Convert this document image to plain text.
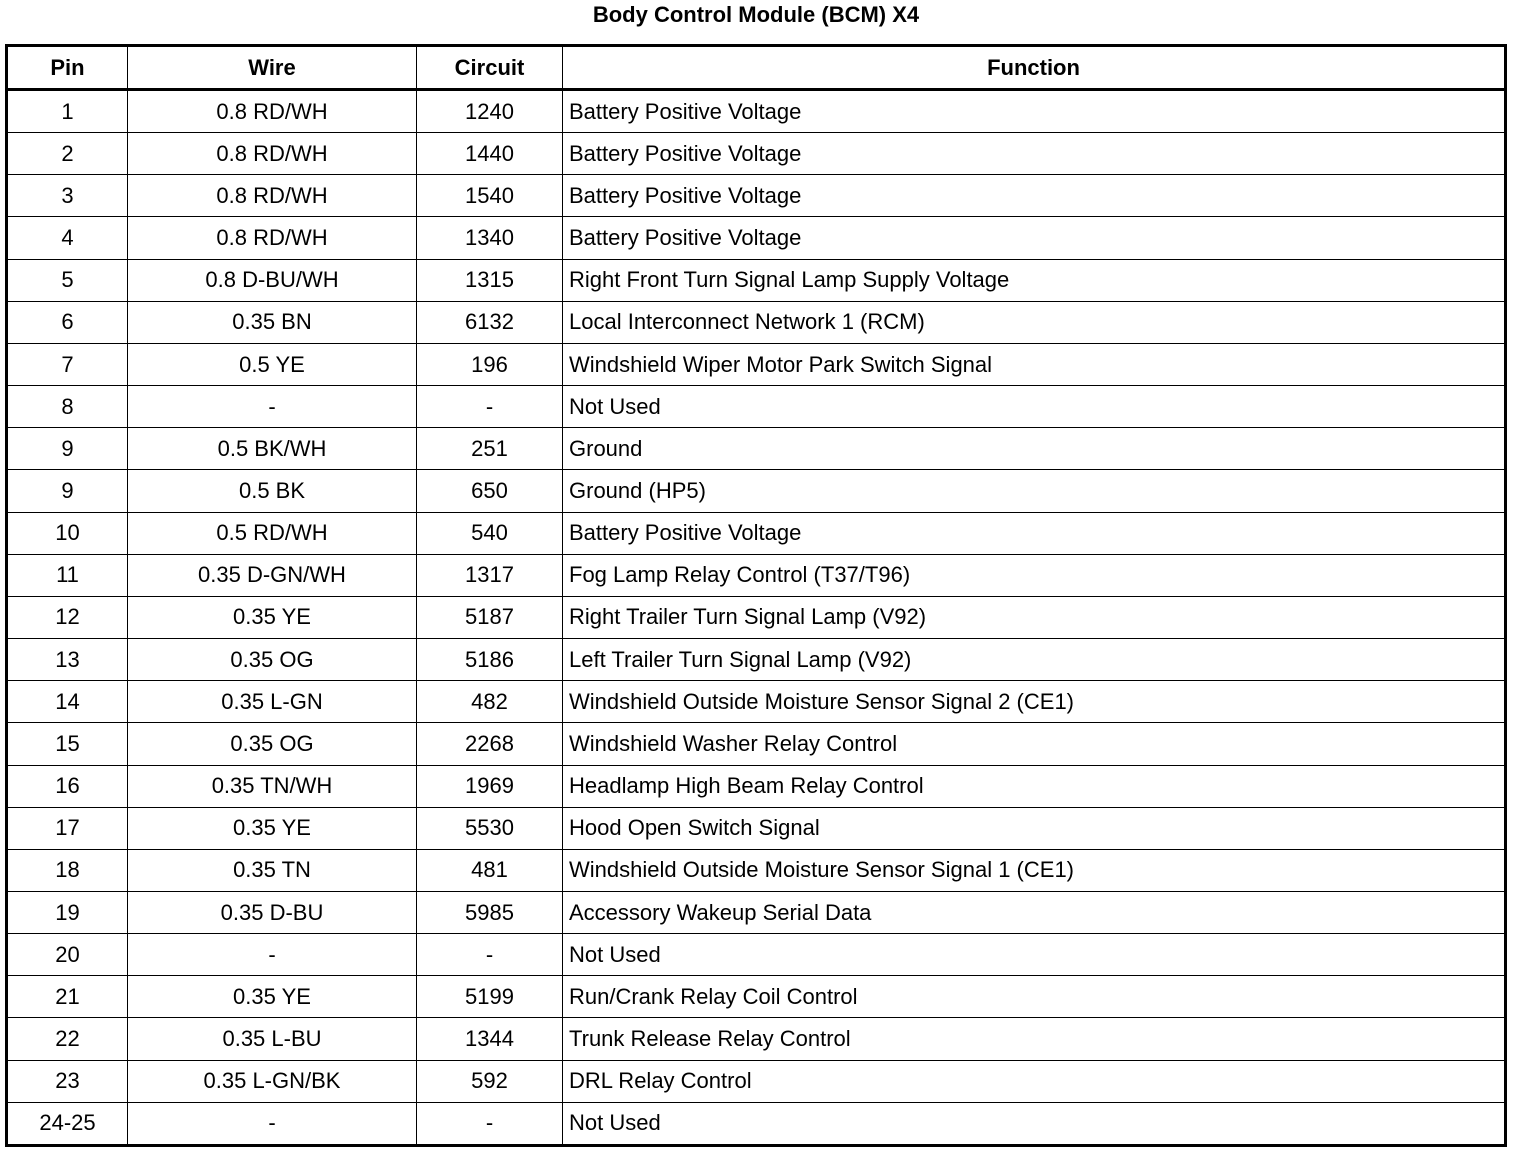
Body Control Module (BCM) X4
Pin	Wire	Circuit	Function
1	0.8 RD/WH	1240	Battery Positive Voltage
2	0.8 RD/WH	1440	Battery Positive Voltage
3	0.8 RD/WH	1540	Battery Positive Voltage
4	0.8 RD/WH	1340	Battery Positive Voltage
5	0.8 D-BU/WH	1315	Right Front Turn Signal Lamp Supply Voltage
6	0.35 BN	6132	Local Interconnect Network 1 (RCM)
7	0.5 YE	196	Windshield Wiper Motor Park Switch Signal
8	-	-	Not Used
9	0.5 BK/WH	251	Ground
9	0.5 BK	650	Ground (HP5)
10	0.5 RD/WH	540	Battery Positive Voltage
11	0.35 D-GN/WH	1317	Fog Lamp Relay Control (T37/T96)
12	0.35 YE	5187	Right Trailer Turn Signal Lamp (V92)
13	0.35 OG	5186	Left Trailer Turn Signal Lamp (V92)
14	0.35 L-GN	482	Windshield Outside Moisture Sensor Signal 2 (CE1)
15	0.35 OG	2268	Windshield Washer Relay Control
16	0.35 TN/WH	1969	Headlamp High Beam Relay Control
17	0.35 YE	5530	Hood Open Switch Signal
18	0.35 TN	481	Windshield Outside Moisture Sensor Signal 1 (CE1)
19	0.35 D-BU	5985	Accessory Wakeup Serial Data
20	-	-	Not Used
21	0.35 YE	5199	Run/Crank Relay Coil Control
22	0.35 L-BU	1344	Trunk Release Relay Control
23	0.35 L-GN/BK	592	DRL Relay Control
24-25	-	-	Not Used
